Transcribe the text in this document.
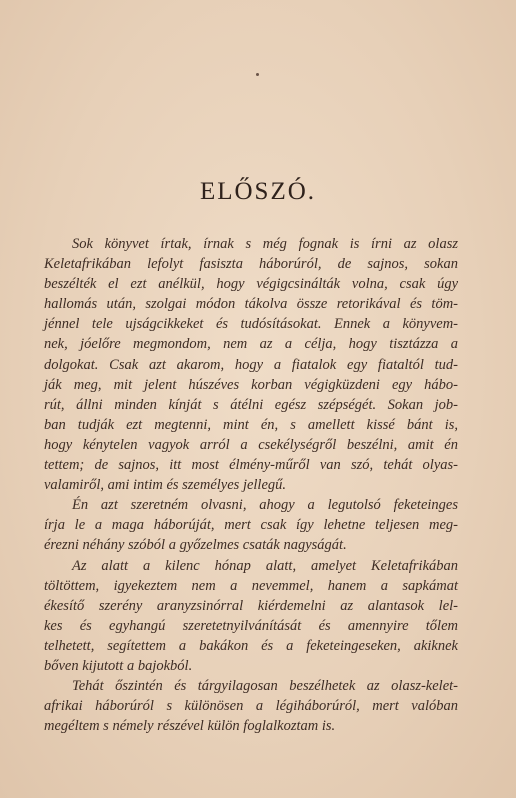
ELŐSZÓ.
Sok könyvet írtak, írnak s még fognak is írni az olasz
Keletafrikában lefolyt fasiszta háborúról, de sajnos, sokan
beszélték el ezt anélkül, hogy végigcsinálták volna, csak úgy
hallomás után, szolgai módon tákolva össze retorikával és töm-
jénnel tele ujságcikkeket és tudósításokat. Ennek a könyvem-
nek, jóelőre megmondom, nem az a célja, hogy tisztázza a
dolgokat. Csak azt akarom, hogy a fiatalok egy fiataltól tud-
ják meg, mit jelent húszéves korban végigküzdeni egy hábo-
rút, állni minden kínját s átélni egész szépségét. Sokan job-
ban tudják ezt megtenni, mint én, s amellett kissé bánt is,
hogy kénytelen vagyok arról a csekélységről beszélni, amit én
tettem; de sajnos, itt most élmény-műről van szó, tehát olyas-
valamiről, ami intim és személyes jellegű.
Én azt szeretném olvasni, ahogy a legutolsó feketeinges
írja le a maga háborúját, mert csak így lehetne teljesen meg-
érezni néhány szóból a győzelmes csaták nagyságát.
Az alatt a kilenc hónap alatt, amelyet Keletafrikában
töltöttem, igyekeztem nem a nevemmel, hanem a sapkámat
ékesítő szerény aranyzsinórral kiérdemelni az alantasok lel-
kes és egyhangú szeretetnyilvánítását és amennyire tőlem
telhetett, segítettem a bakákon és a feketeingeseken, akiknek
bőven kijutott a bajokból.
Tehát őszintén és tárgyilagosan beszélhetek az olasz-kelet-
afrikai háborúról s különösen a légiháborúról, mert valóban
megéltem s némely részével külön foglalkoztam is.
